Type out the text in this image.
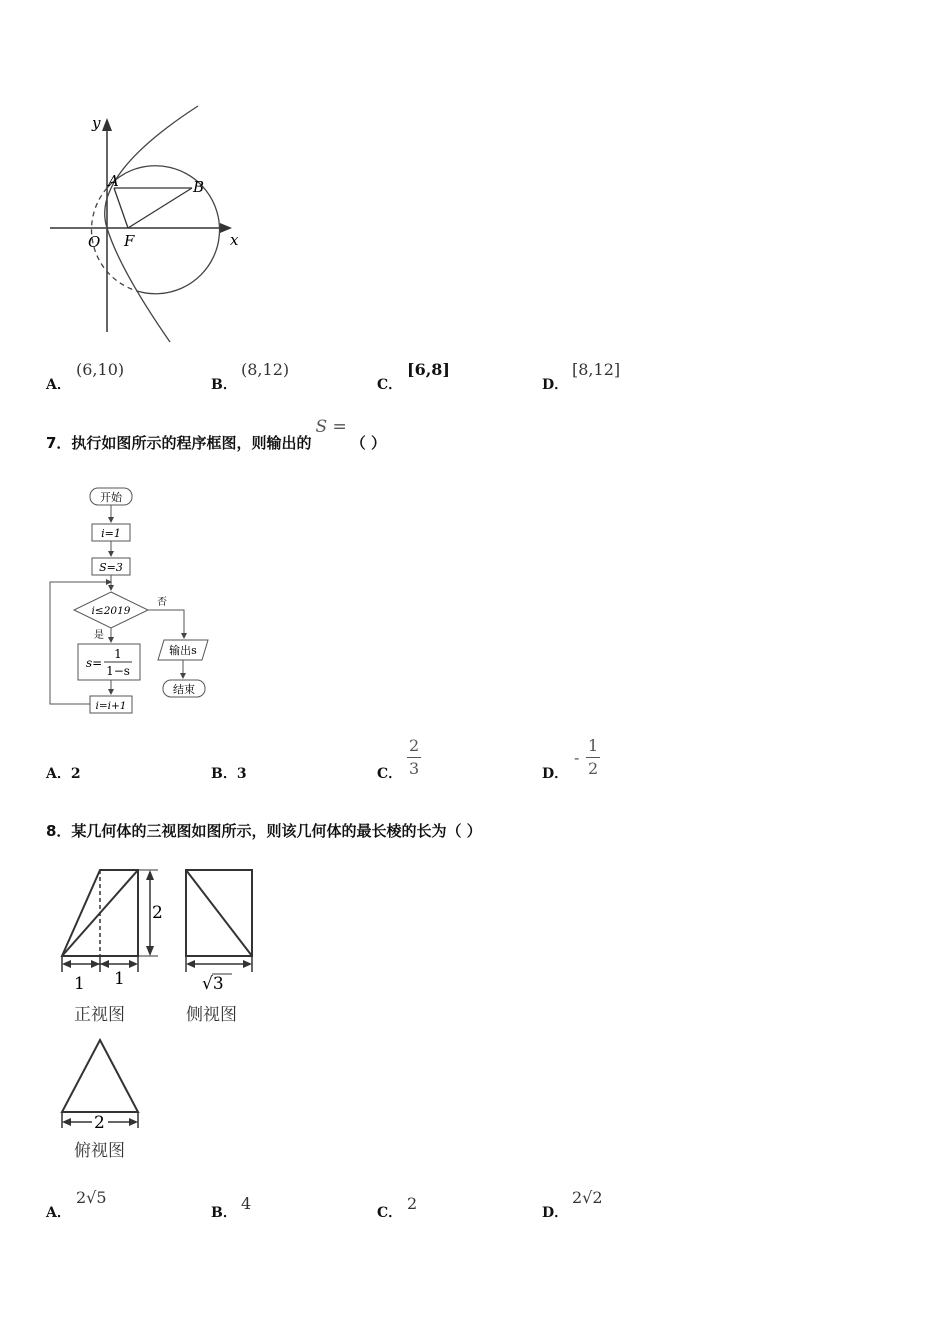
y
x
O
A	B
F
A．
(6,10)
B．
(8,12)
C．
[6,8]
D．
[8,12]
7．执行如图所示的程序框图，则输出的S =（ ）
开始
i=1
S=3
i≤2019
否
输出s
结束
是
s=
1
1−s
i=i+1
A．2	B．3	C． $\frac{2}{3}$	D．
- $\frac{1}{2}$
8．某几何体的三视图如图所示，则该几何体的最长棱的长为（ ）
2
1 1	√3
正视图	侧视图
2
俯视图
A．
2√5
B． 4	C． 2	D．
2√2
